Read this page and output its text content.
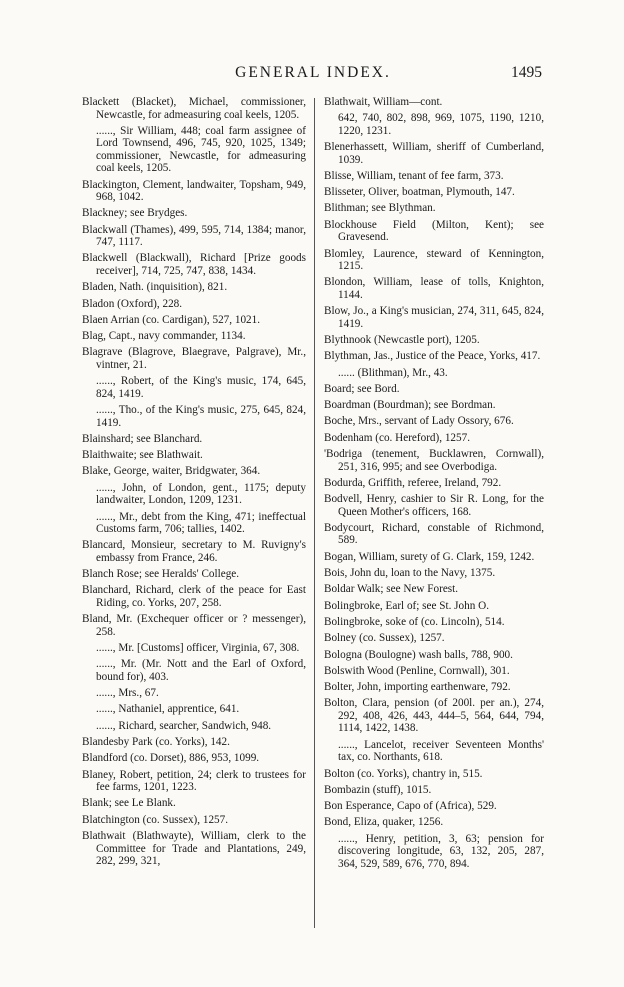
GENERAL INDEX.	1495
Blackett (Blacket), Michael, commissioner, Newcastle, for admeasuring coal keels, 1205.
......, Sir William, 448; coal farm assignee of Lord Townsend, 496, 745, 920, 1025, 1349; commissioner, Newcastle, for admeasuring coal keels, 1205.
Blackington, Clement, landwaiter, Topsham, 949, 968, 1042.
Blackney; see Brydges.
Blackwall (Thames), 499, 595, 714, 1384; manor, 747, 1117.
Blackwell (Blackwall), Richard [Prize goods receiver], 714, 725, 747, 838, 1434.
Bladen, Nath. (inquisition), 821.
Bladon (Oxford), 228.
Blaen Arrian (co. Cardigan), 527, 1021.
Blag, Capt., navy commander, 1134.
Blagrave (Blagrove, Blaegrave, Palgrave), Mr., vintner, 21.
......, Robert, of the King's music, 174, 645, 824, 1419.
......, Tho., of the King's music, 275, 645, 824, 1419.
Blainshard; see Blanchard.
Blaithwaite; see Blathwait.
Blake, George, waiter, Bridgwater, 364.
......, John, of London, gent., 1175; deputy landwaiter, London, 1209, 1231.
......, Mr., debt from the King, 471; ineffectual Customs farm, 706; tallies, 1402.
Blancard, Monsieur, secretary to M. Ruvigny's embassy from France, 246.
Blanch Rose; see Heralds' College.
Blanchard, Richard, clerk of the peace for East Riding, co. Yorks, 207, 258.
Bland, Mr. (Exchequer officer or ? messenger), 258.
......, Mr. [Customs] officer, Virginia, 67, 308.
......, Mr. (Mr. Nott and the Earl of Oxford, bound for), 403.
......, Mrs., 67.
......, Nathaniel, apprentice, 641.
......, Richard, searcher, Sandwich, 948.
Blandesby Park (co. Yorks), 142.
Blandford (co. Dorset), 886, 953, 1099.
Blaney, Robert, petition, 24; clerk to trustees for fee farms, 1201, 1223.
Blank; see Le Blank.
Blatchington (co. Sussex), 1257.
Blathwait (Blathwayte), William, clerk to the Committee for Trade and Plantations, 249, 282, 299, 321,
Blathwait, William—cont.
642, 740, 802, 898, 969, 1075, 1190, 1210, 1220, 1231.
Blenerhassett, William, sheriff of Cumberland, 1039.
Blisse, William, tenant of fee farm, 373.
Blisseter, Oliver, boatman, Plymouth, 147.
Blithman; see Blythman.
Blockhouse Field (Milton, Kent); see Gravesend.
Blomley, Laurence, steward of Kennington, 1215.
Blondon, William, lease of tolls, Knighton, 1144.
Blow, Jo., a King's musician, 274, 311, 645, 824, 1419.
Blythnook (Newcastle port), 1205.
Blythman, Jas., Justice of the Peace, Yorks, 417.
...... (Blithman), Mr., 43.
Board; see Bord.
Boardman (Bourdman); see Bordman.
Boche, Mrs., servant of Lady Ossory, 676.
Bodenham (co. Hereford), 1257.
'Bodriga (tenement, Bucklawren, Cornwall), 251, 316, 995; and see Overbodiga.
Bodurda, Griffith, referee, Ireland, 792.
Bodvell, Henry, cashier to Sir R. Long, for the Queen Mother's officers, 168.
Bodycourt, Richard, constable of Richmond, 589.
Bogan, William, surety of G. Clark, 159, 1242.
Bois, John du, loan to the Navy, 1375.
Boldar Walk; see New Forest.
Bolingbroke, Earl of; see St. John O.
Bolingbroke, soke of (co. Lincoln), 514.
Bolney (co. Sussex), 1257.
Bologna (Boulogne) wash balls, 788, 900.
Bolswith Wood (Penline, Cornwall), 301.
Bolter, John, importing earthenware, 792.
Bolton, Clara, pension (of 200l. per an.), 274, 292, 408, 426, 443, 444–5, 564, 644, 794, 1114, 1422, 1438.
......, Lancelot, receiver Seventeen Months' tax, co. Northants, 618.
Bolton (co. Yorks), chantry in, 515.
Bombazin (stuff), 1015.
Bon Esperance, Capo of (Africa), 529.
Bond, Eliza, quaker, 1256.
......, Henry, petition, 3, 63; pension for discovering longitude, 63, 132, 205, 287, 364, 529, 589, 676, 770, 894.
